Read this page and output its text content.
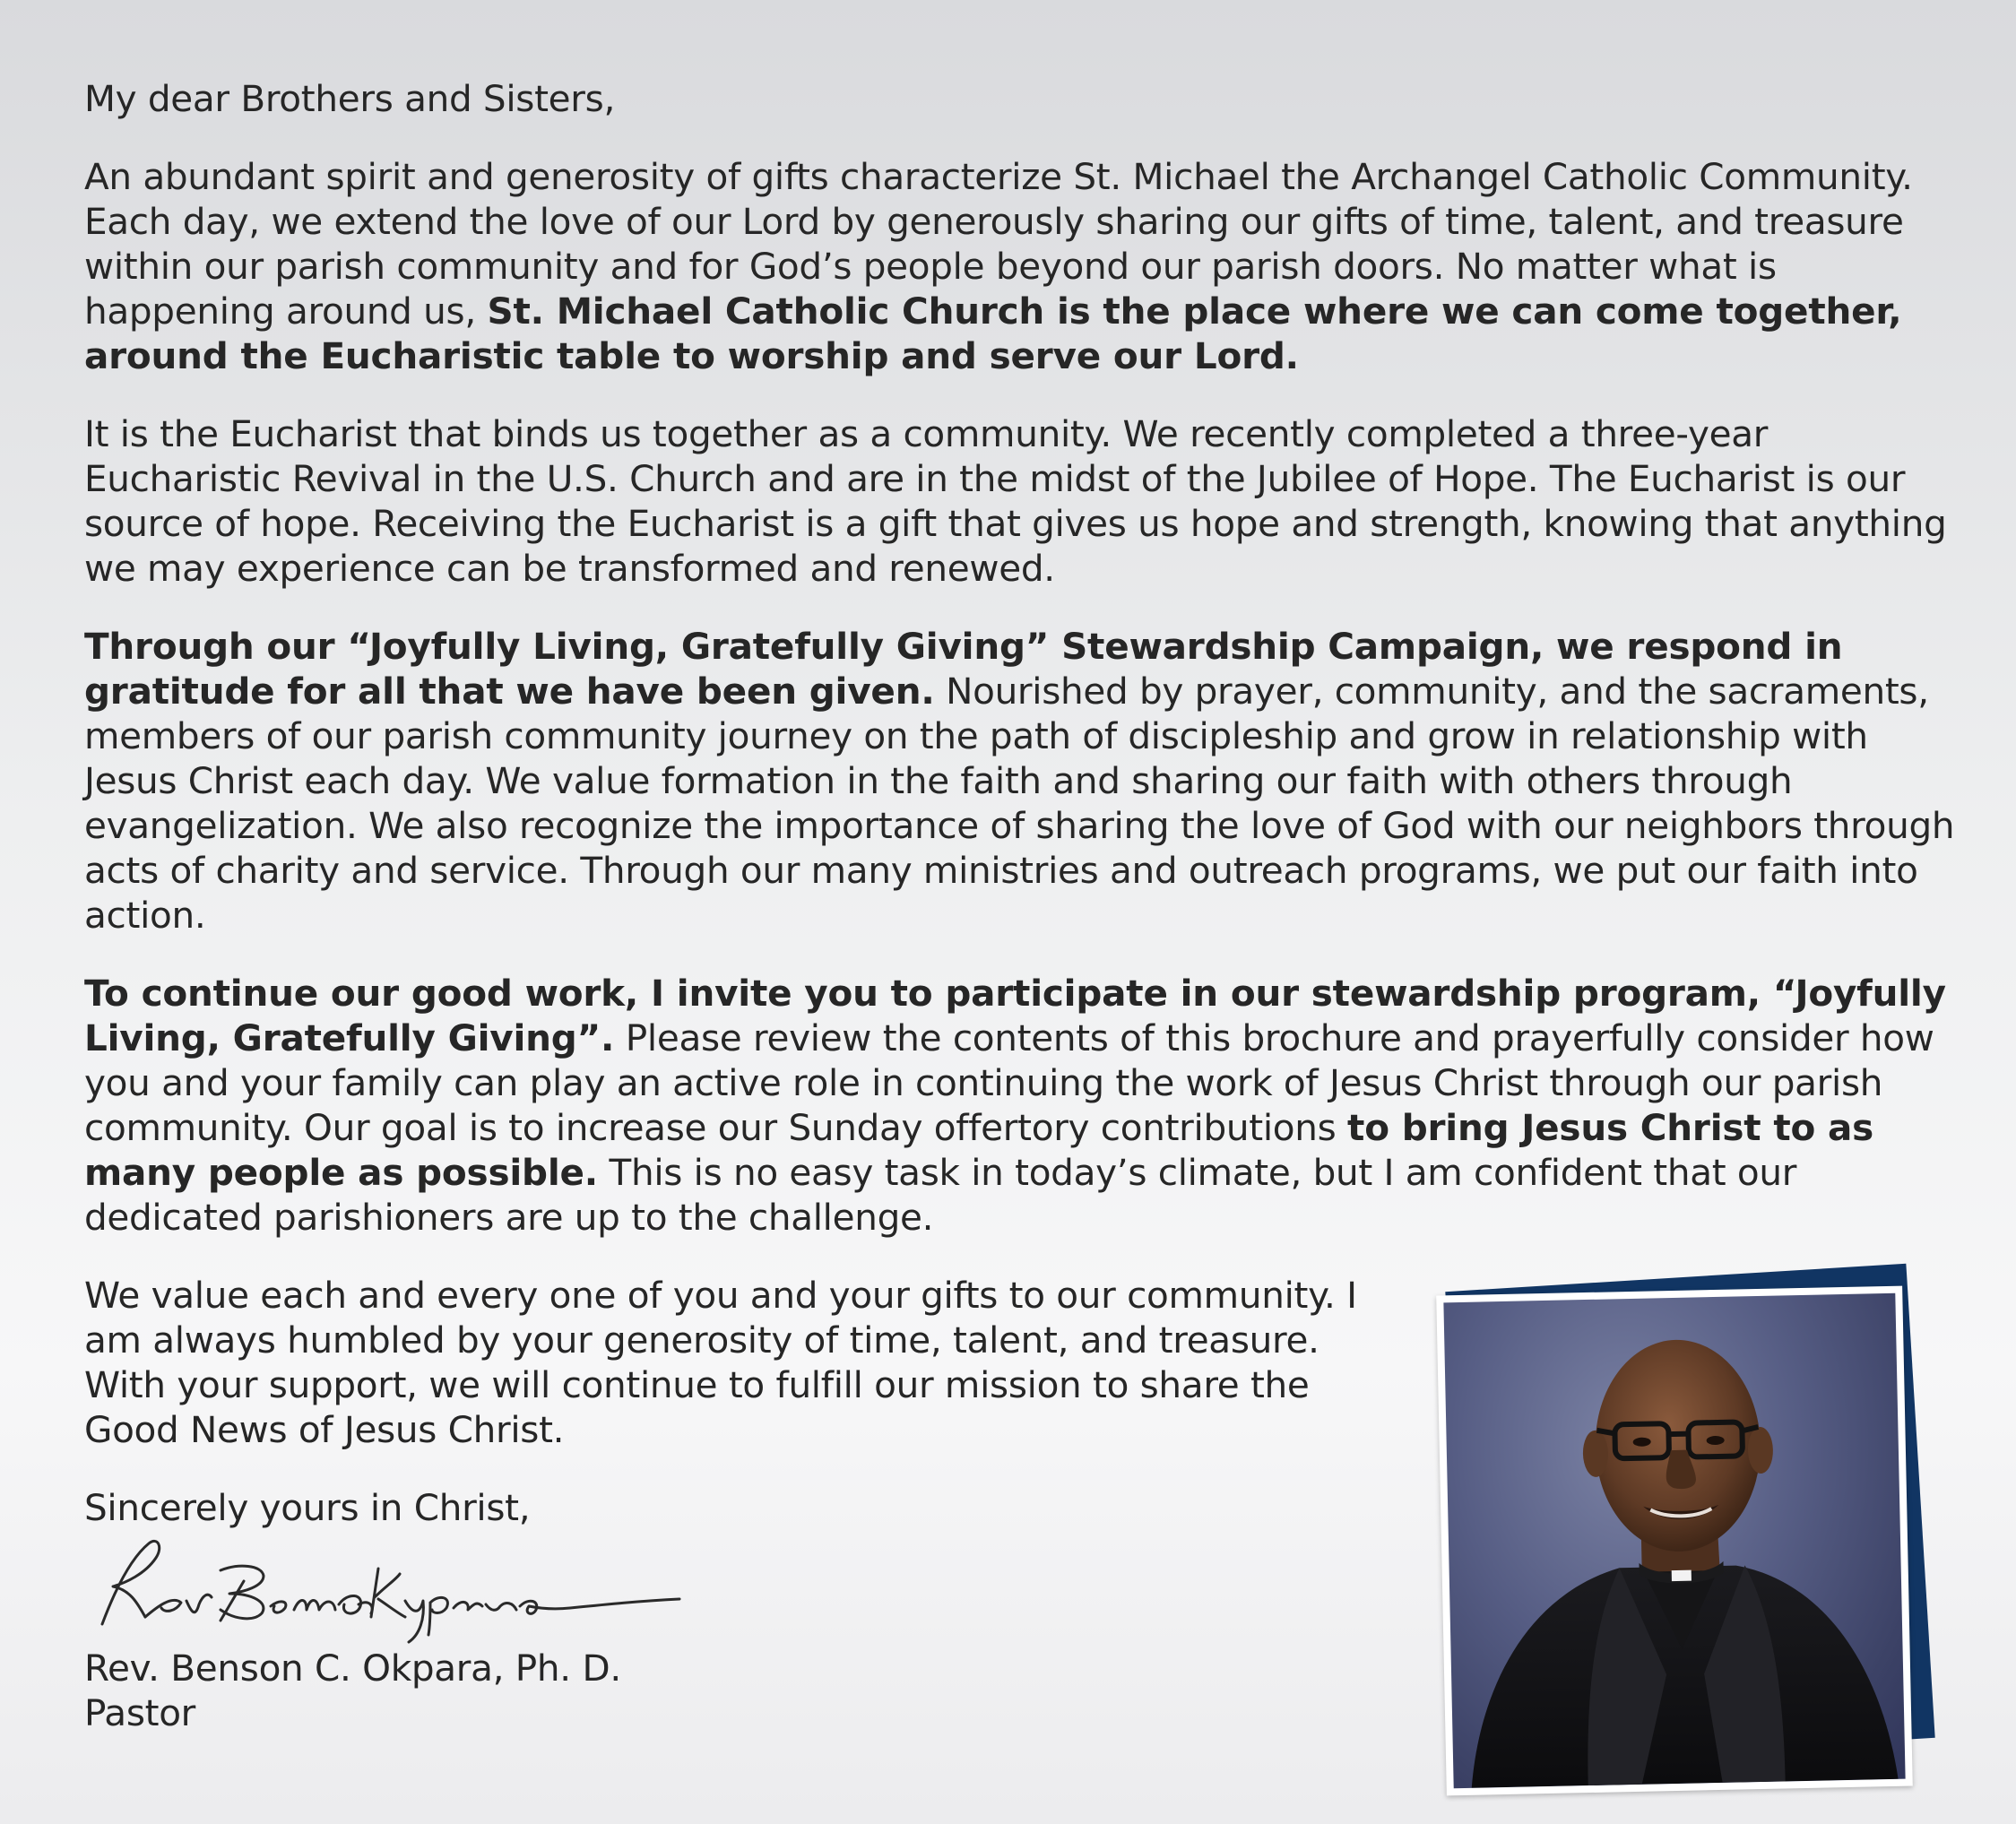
My dear Brothers and Sisters,

An abundant spirit and generosity of gifts characterize St. Michael the Archangel Catholic Community. Each day, we extend the love of our Lord by generously sharing our gifts of time, talent, and treasure within our parish community and for God’s people beyond our parish doors. No matter what is happening around us, St. Michael Catholic Church is the place where we can come together, around the Eucharistic table to worship and serve our Lord.

It is the Eucharist that binds us together as a community. We recently completed a three-year Eucharistic Revival in the U.S. Church and are in the midst of the Jubilee of Hope. The Eucharist is our source of hope. Receiving the Eucharist is a gift that gives us hope and strength, knowing that anything we may experience can be transformed and renewed.

Through our “Joyfully Living, Gratefully Giving” Stewardship Campaign, we respond in gratitude for all that we have been given. Nourished by prayer, community, and the sacraments, members of our parish community journey on the path of discipleship and grow in relationship with Jesus Christ each day. We value formation in the faith and sharing our faith with others through evangelization. We also recognize the importance of sharing the love of God with our neighbors through acts of charity and service. Through our many ministries and outreach programs, we put our faith into action.

To continue our good work, I invite you to participate in our stewardship program, “Joyfully Living, Gratefully Giving”. Please review the contents of this brochure and prayerfully consider how you and your family can play an active role in continuing the work of Jesus Christ through our parish community. Our goal is to increase our Sunday offertory contributions to bring Jesus Christ to as many people as possible. This is no easy task in today’s climate, but I am confident that our dedicated parishioners are up to the challenge.

We value each and every one of you and your gifts to our community. I am always humbled by your generosity of time, talent, and treasure. With your support, we will continue to fulfill our mission to share the Good News of Jesus Christ.

Sincerely yours in Christ,

Rev. Benson C. Okpara, Ph. D.

Pastor
